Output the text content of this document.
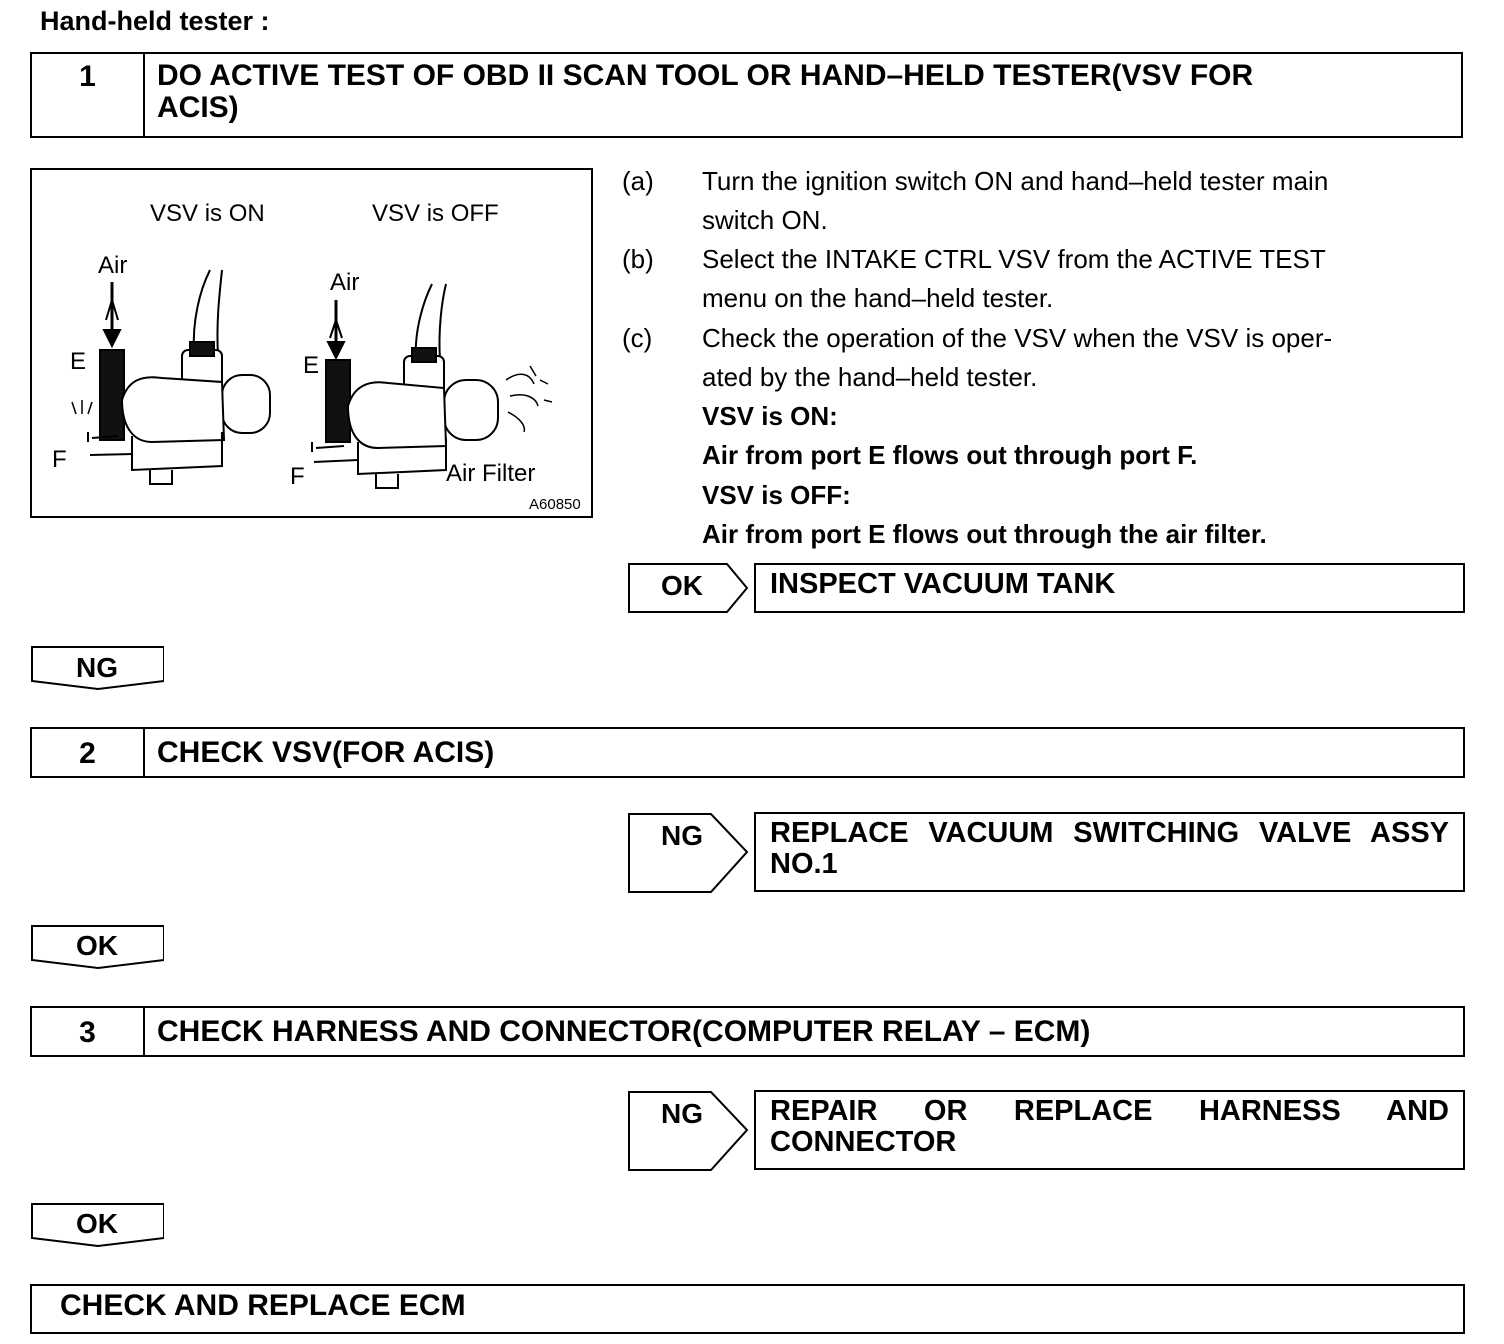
Hand-held tester :
1	DO ACTIVE TEST OF OBD II SCAN TOOL OR HAND–HELD TESTER(VSV FOR
ACIS)
VSV is ON	VSV is OFF
Air
Air
E	E
F
F	Air Filter
A60850
(a) Turn the ignition switch ON and hand–held tester main
switch ON.
(b) Select the INTAKE CTRL VSV from the ACTIVE TEST
menu on the hand–held tester.
(c) Check the operation of the VSV when the VSV is oper-
ated by the hand–held tester.
VSV is ON:
Air from port E flows out through port F.
VSV is OFF:
Air from port E flows out through the air filter.
OK	INSPECT VACUUM TANK
NG
2	CHECK VSV(FOR ACIS)
NG	REPLACE VACUUM SWITCHING VALVE ASSY
NO.1
OK
3	CHECK HARNESS AND CONNECTOR(COMPUTER RELAY – ECM)
NG	REPAIR OR REPLACE HARNESS AND
CONNECTOR
OK
CHECK AND REPLACE ECM
